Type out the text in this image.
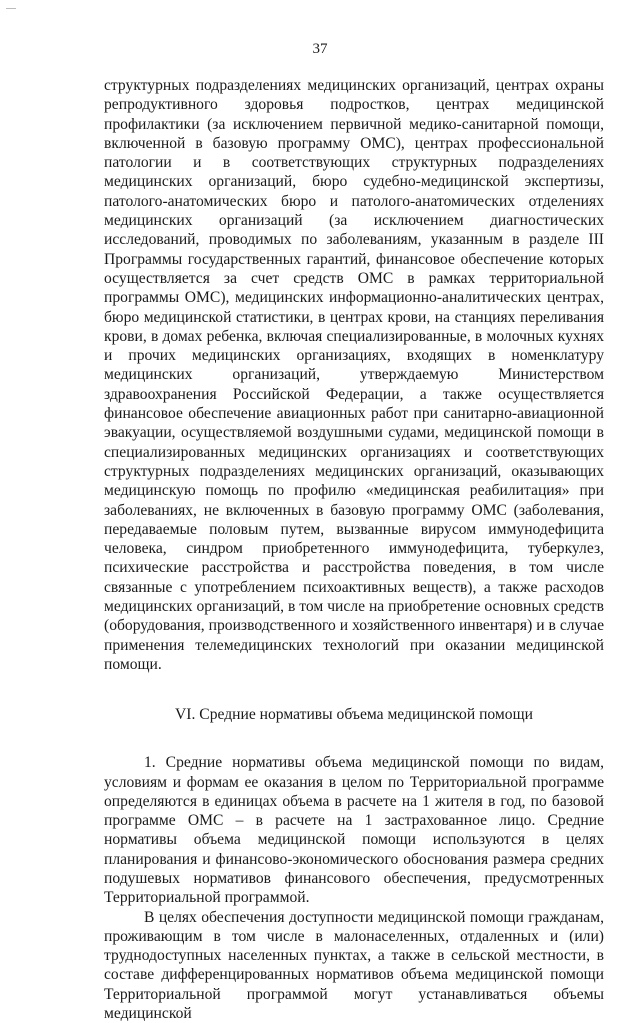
37

структурных подразделениях медицинских организаций, центрах охраны репродуктивного здоровья подростков, центрах медицинской профилактики (за исключением первичной медико-санитарной помощи, включенной в базовую программу ОМС), центрах профессиональной патологии и в соответствующих структурных подразделениях медицинских организаций, бюро судебно-медицинской экспертизы, патолого-анатомических бюро и патолого-анатомических отделениях медицинских организаций (за исключением диагностических исследований, проводимых по заболеваниям, указанным в разделе III Программы государственных гарантий, финансовое обеспечение которых осуществляется за счет средств ОМС в рамках территориальной программы ОМС), медицинских информационно-аналитических центрах, бюро медицинской статистики, в центрах крови, на станциях переливания крови, в домах ребенка, включая специализированные, в молочных кухнях и прочих медицинских организациях, входящих в номенклатуру медицинских организаций, утверждаемую Министерством здравоохранения Российской Федерации, а также осуществляется финансовое обеспечение авиационных работ при санитарно-авиационной эвакуации, осуществляемой воздушными судами, медицинской помощи в специализированных медицинских организациях и соответствующих структурных подразделениях медицинских организаций, оказывающих медицинскую помощь по профилю «медицинская реабилитация» при заболеваниях, не включенных в базовую программу ОМС (заболевания, передаваемые половым путем, вызванные вирусом иммунодефицита человека, синдром приобретенного иммунодефицита, туберкулез, психические расстройства и расстройства поведения, в том числе связанные с употреблением психоактивных веществ), а также расходов медицинских организаций, в том числе на приобретение основных средств (оборудования, производственного и хозяйственного инвентаря) и в случае применения телемедицинских технологий при оказании медицинской помощи.

VI. Средние нормативы объема медицинской помощи

1. Средние нормативы объема медицинской помощи по видам, условиям и формам ее оказания в целом по Территориальной программе определяются в единицах объема в расчете на 1 жителя в год, по базовой программе ОМС – в расчете на 1 застрахованное лицо. Средние нормативы объема медицинской помощи используются в целях планирования и финансово-экономического обоснования размера средних подушевых нормативов финансового обеспечения, предусмотренных Территориальной программой.

В целях обеспечения доступности медицинской помощи гражданам, проживающим в том числе в малонаселенных, отдаленных и (или) труднодоступных населенных пунктах, а также в сельской местности, в составе дифференцированных нормативов объема медицинской помощи Территориальной программой могут устанавливаться объемы медицинской
